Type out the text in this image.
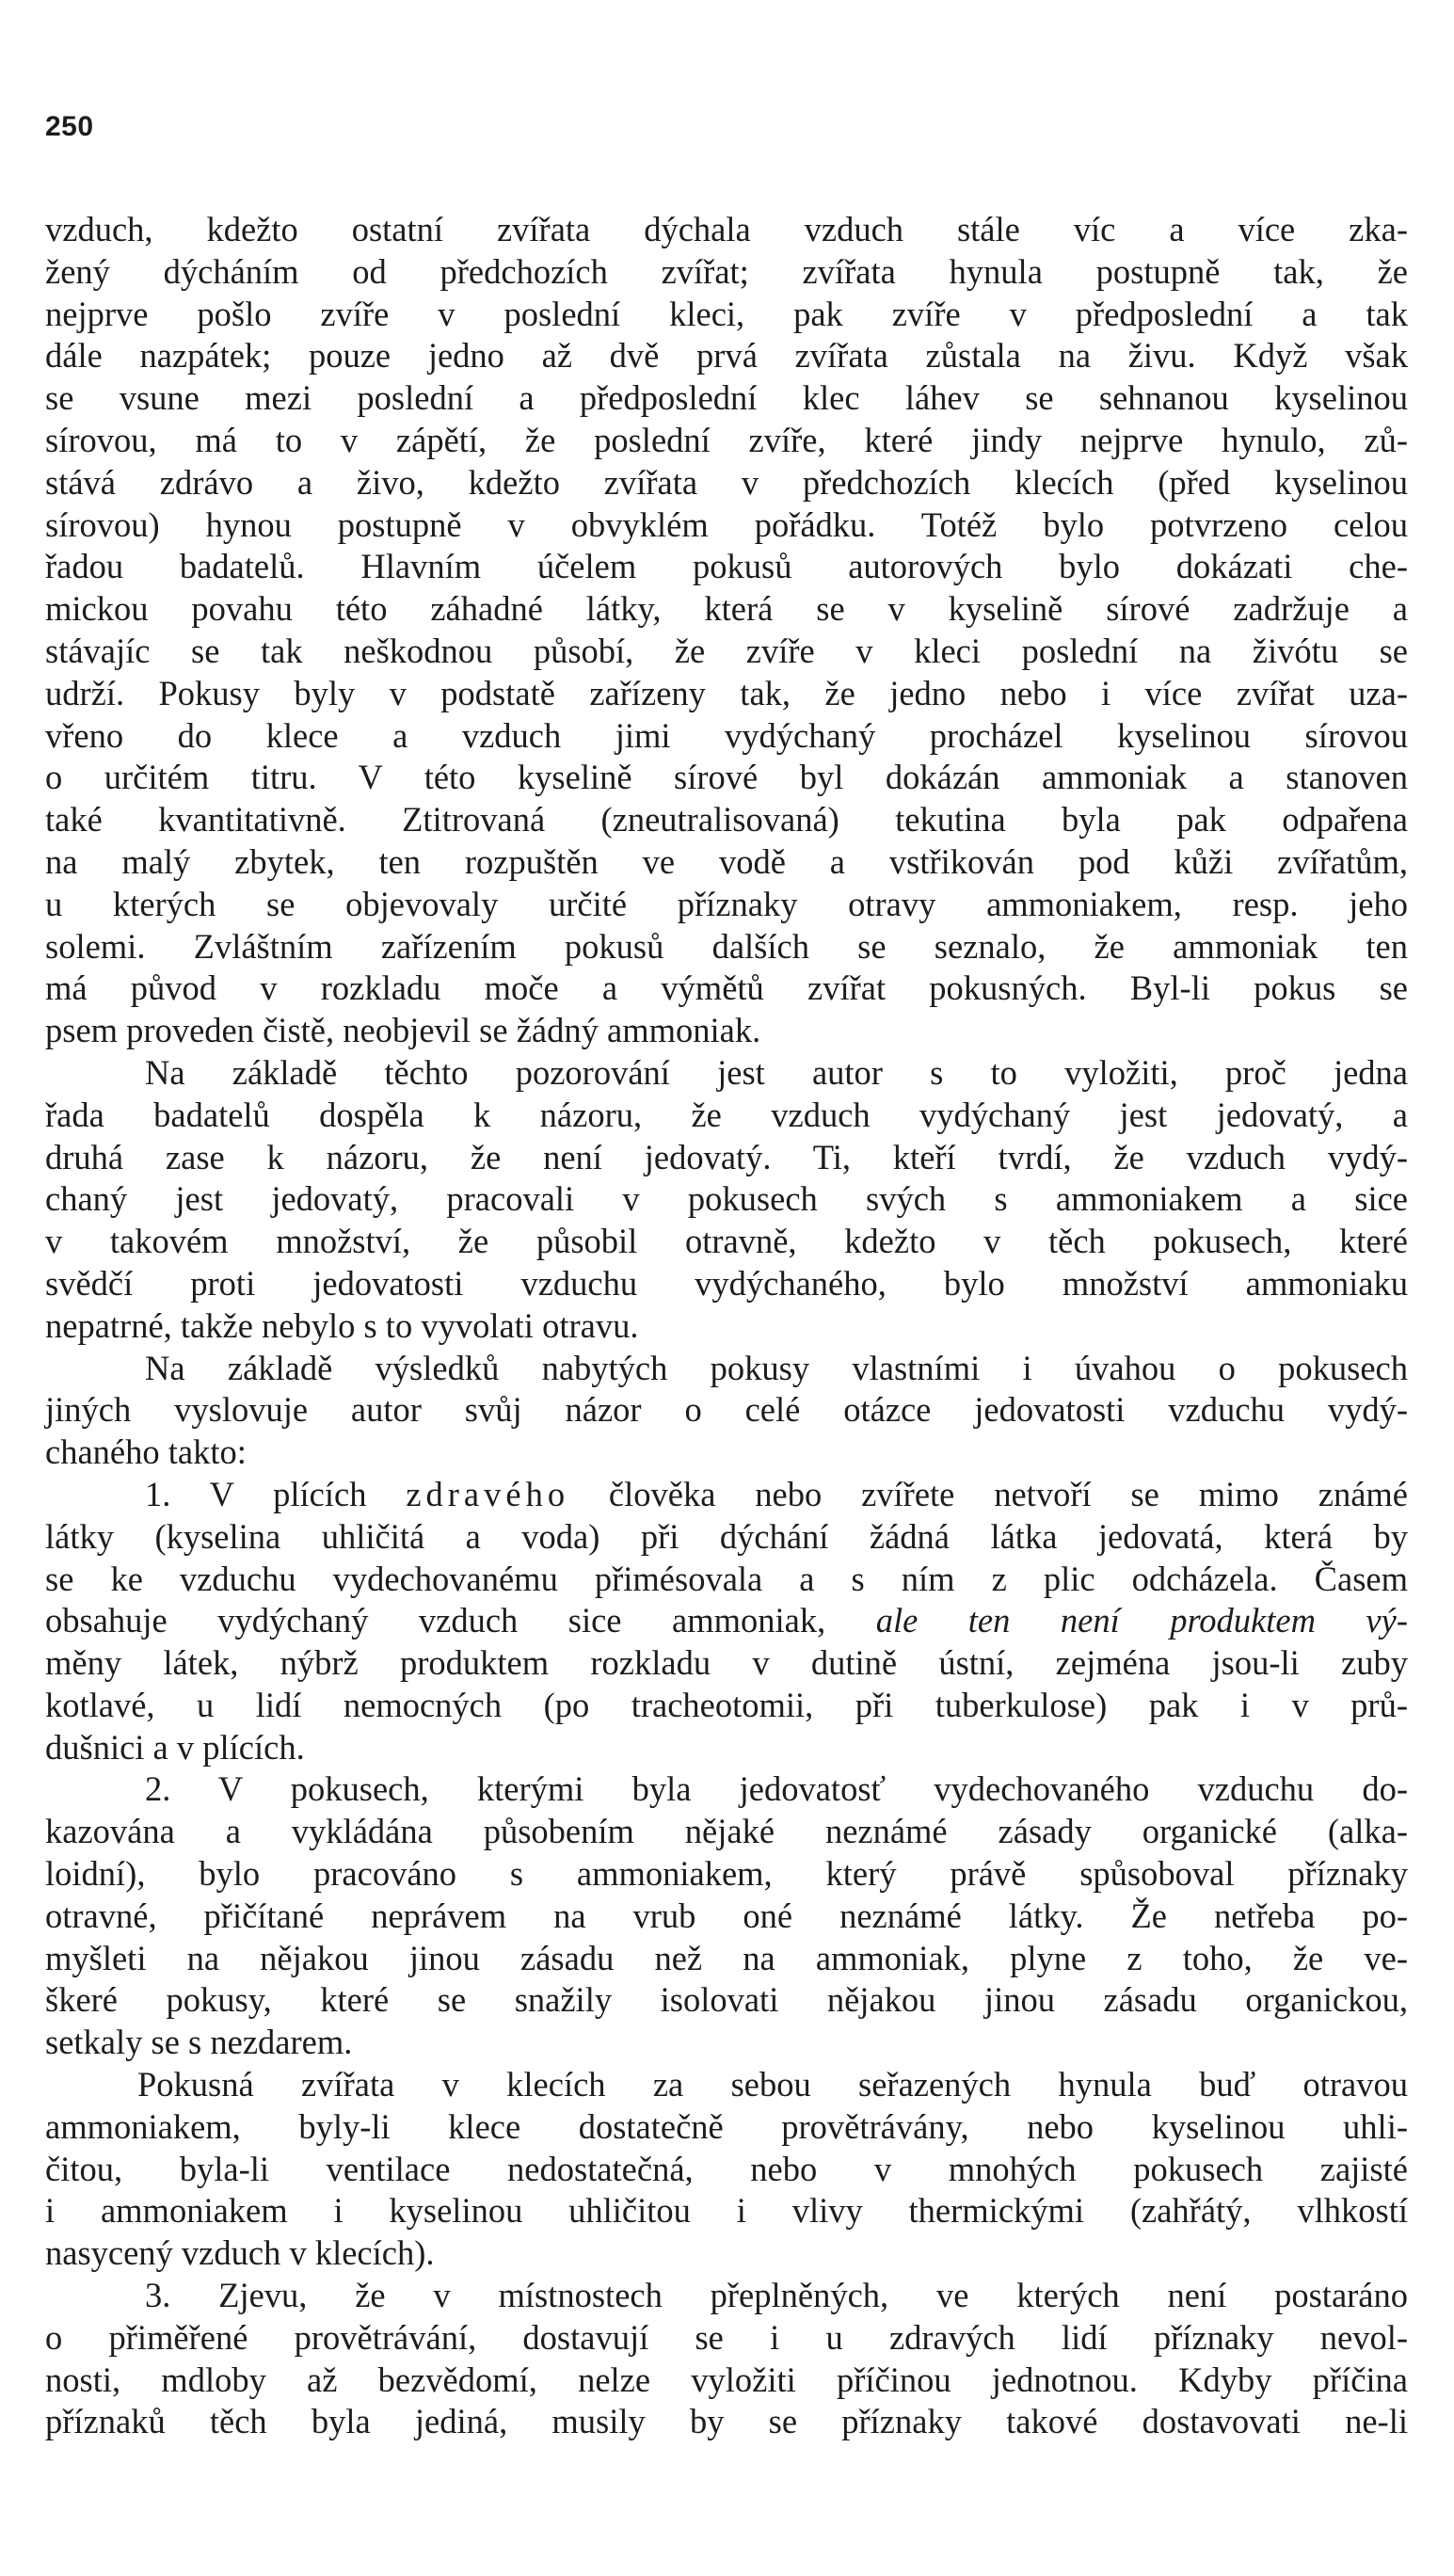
250
vzduch, kdežto ostatní zvířata dýchala vzduch stále víc a více zka-
žený dýcháním od předchozích zvířat; zvířata hynula postupně tak, že
nejprve pošlo zvíře v poslední kleci, pak zvíře v předposlední a tak
dále nazpátek; pouze jedno až dvě prvá zvířata zůstala na živu. Když však
se vsune mezi poslední a předposlední klec láhev se sehnanou kyselinou
sírovou, má to v zápětí, že poslední zvíře, které jindy nejprve hynulo, zů-
stává zdrávo a živo, kdežto zvířata v předchozích klecích (před kyselinou
sírovou) hynou postupně v obvyklém pořádku. Totéž bylo potvrzeno celou
řadou badatelů. Hlavním účelem pokusů autorových bylo dokázati che-
mickou povahu této záhadné látky, která se v kyselině sírové zadržuje a
stávajíc se tak neškodnou působí, že zvíře v kleci poslední na živótu se
udrží. Pokusy byly v podstatě zařízeny tak, že jedno nebo i více zvířat uza-
vřeno do klece a vzduch jimi vydýchaný procházel kyselinou sírovou
o určitém titru. V této kyselině sírové byl dokázán ammoniak a stanoven
také kvantitativně. Ztitrovaná (zneutralisovaná) tekutina byla pak odpařena
na malý zbytek, ten rozpuštěn ve vodě a vstřikován pod kůži zvířatům,
u kterých se objevovaly určité příznaky otravy ammoniakem, resp. jeho
solemi. Zvláštním zařízením pokusů dalších se seznalo, že ammoniak ten
má původ v rozkladu moče a výmětů zvířat pokusných. Byl-li pokus se
psem proveden čistě, neobjevil se žádný ammoniak.
Na základě těchto pozorování jest autor s to vyložiti, proč jedna
řada badatelů dospěla k názoru, že vzduch vydýchaný jest jedovatý, a
druhá zase k názoru, že není jedovatý. Ti, kteří tvrdí, že vzduch vydý-
chaný jest jedovatý, pracovali v pokusech svých s ammoniakem a sice
v takovém množství, že působil otravně, kdežto v těch pokusech, které
svědčí proti jedovatosti vzduchu vydýchaného, bylo množství ammoniaku
nepatrné, takže nebylo s to vyvolati otravu.
Na základě výsledků nabytých pokusy vlastními i úvahou o pokusech
jiných vyslovuje autor svůj názor o celé otázce jedovatosti vzduchu vydý-
chaného takto:
1. V plících zdravého člověka nebo zvířete netvoří se mimo známé
látky (kyselina uhličitá a voda) při dýchání žádná látka jedovatá, která by
se ke vzduchu vydechovanému přimésovala a s ním z plic odcházela. Časem
obsahuje vydýchaný vzduch sice ammoniak, ale ten není produktem vý-
měny látek, nýbrž produktem rozkladu v dutině ústní, zejména jsou-li zuby
kotlavé, u lidí nemocných (po tracheotomii, při tuberkulose) pak i v prů-
dušnici a v plících.
2. V pokusech, kterými byla jedovatosť vydechovaného vzduchu do-
kazována a vykládána působením nějaké neznámé zásady organické (alka-
loidní), bylo pracováno s ammoniakem, který právě spůsoboval příznaky
otravné, přičítané neprávem na vrub oné neznámé látky. Že netřeba po-
myšleti na nějakou jinou zásadu než na ammoniak, plyne z toho, že ve-
škeré pokusy, které se snažily isolovati nějakou jinou zásadu organickou,
setkaly se s nezdarem.
Pokusná zvířata v klecích za sebou seřazených hynula buď otravou
ammoniakem, byly-li klece dostatečně provětrávány, nebo kyselinou uhli-
čitou, byla-li ventilace nedostatečná, nebo v mnohých pokusech zajisté
i ammoniakem i kyselinou uhličitou i vlivy thermickými (zahřátý, vlhkostí
nasycený vzduch v klecích).
3. Zjevu, že v místnostech přeplněných, ve kterých není postaráno
o přiměřené provětrávání, dostavují se i u zdravých lidí příznaky nevol-
nosti, mdloby až bezvědomí, nelze vyložiti příčinou jednotnou. Kdyby příčina
příznaků těch byla jediná, musily by se příznaky takové dostavovati ne-li
